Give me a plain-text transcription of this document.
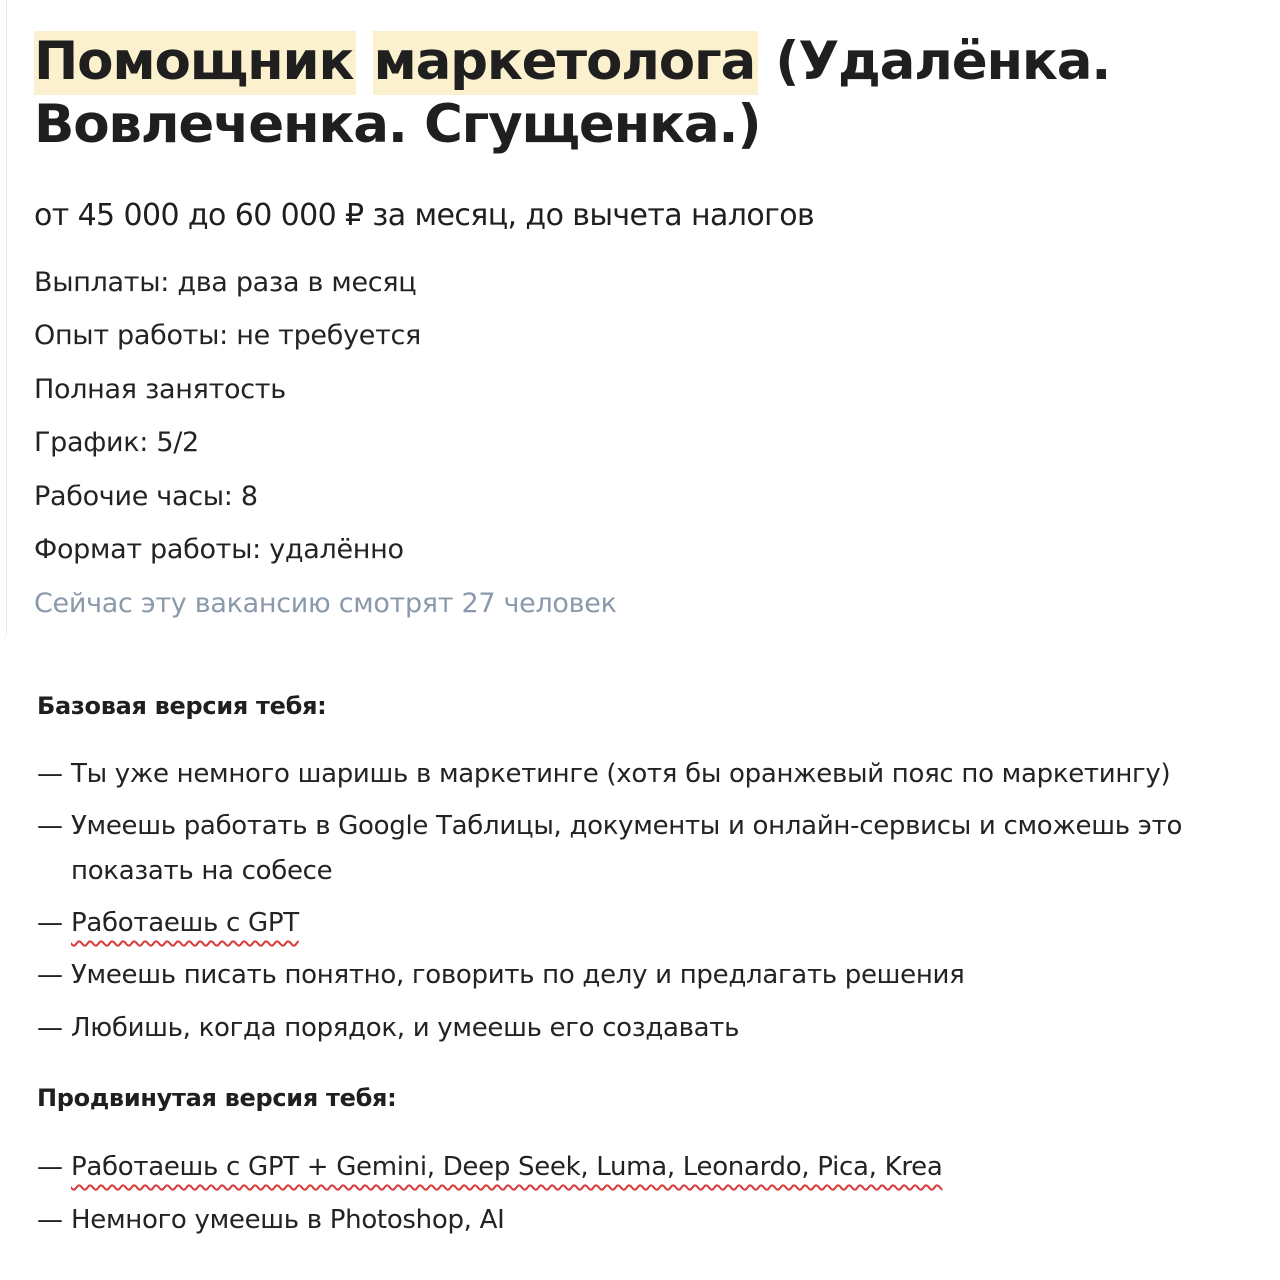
Помощник маркетолога (Удалёнка. Вовлеченка. Сгущенка.)

от 45 000 до 60 000 ₽ за месяц, до вычета налогов

Выплаты: два раза в месяц

Опыт работы: не требуется

Полная занятость

График: 5/2

Рабочие часы: 8

Формат работы: удалённо

Сейчас эту вакансию смотрят 27 человек

Базовая версия тебя:
— Ты уже немного шаришь в маркетинге (хотя бы оранжевый пояс по маркетингу)
— Умеешь работать в Google Таблицы, документы и онлайн-сервисы и сможешь это показать на собесе
— Работаешь с GPT
— Умеешь писать понятно, говорить по делу и предлагать решения
— Любишь, когда порядок, и умеешь его создавать
Продвинутая версия тебя:
— Работаешь с GPT + Gemini, Deep Seek, Luma, Leonardo, Pica, Krea
— Немного умеешь в Photoshop, AI
